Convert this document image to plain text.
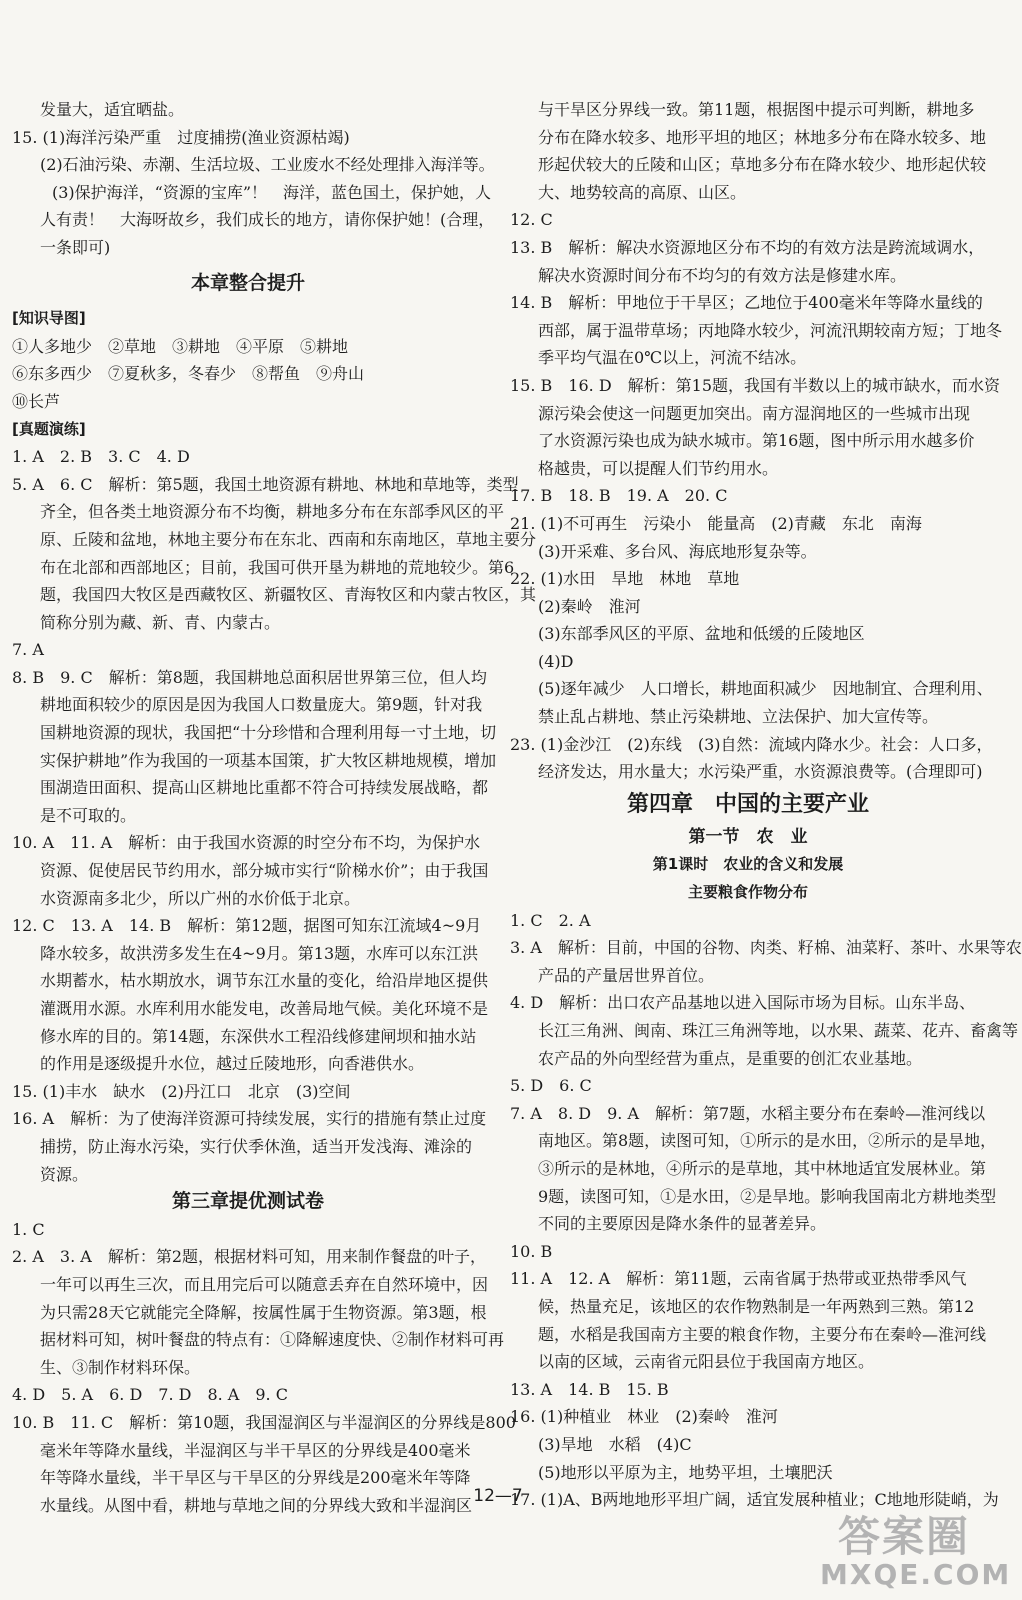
发量大，适宜晒盐。
15. (1)海洋污染严重　过度捕捞(渔业资源枯竭)
(2)石油污染、赤潮、生活垃圾、工业废水不经处理排入海洋等。
(3)保护海洋，“资源的宝库”！　海洋，蓝色国土，保护她，人
人有责！　大海呀故乡，我们成长的地方，请你保护她！(合理，
一条即可)
本章整合提升
[知识导图]
①人多地少　②草地　③耕地　④平原　⑤耕地
⑥东多西少　⑦夏秋多，冬春少　⑧帮鱼　⑨舟山
⑩长芦
[真题演练]
1. A　2. B　3. C　4. D
5. A　6. C　解析：第5题，我国土地资源有耕地、林地和草地等，类型
齐全，但各类土地资源分布不均衡，耕地多分布在东部季风区的平
原、丘陵和盆地，林地主要分布在东北、西南和东南地区，草地主要分
布在北部和西部地区；目前，我国可供开垦为耕地的荒地较少。第6
题，我国四大牧区是西藏牧区、新疆牧区、青海牧区和内蒙古牧区，其
简称分别为藏、新、青、内蒙古。
7. A
8. B　9. C　解析：第8题，我国耕地总面积居世界第三位，但人均
耕地面积较少的原因是因为我国人口数量庞大。第9题，针对我
国耕地资源的现状，我国把“十分珍惜和合理利用每一寸土地，切
实保护耕地”作为我国的一项基本国策，扩大牧区耕地规模，增加
围湖造田面积、提高山区耕地比重都不符合可持续发展战略，都
是不可取的。
10. A　11. A　解析：由于我国水资源的时空分布不均，为保护水
资源、促使居民节约用水，部分城市实行“阶梯水价”；由于我国
水资源南多北少，所以广州的水价低于北京。
12. C　13. A　14. B　解析：第12题，据图可知东江流域4~9月
降水较多，故洪涝多发生在4~9月。第13题，水库可以东江洪
水期蓄水，枯水期放水，调节东江水量的变化，给沿岸地区提供
灌溉用水源。水库利用水能发电，改善局地气候。美化环境不是
修水库的目的。第14题，东深供水工程沿线修建闸坝和抽水站
的作用是逐级提升水位，越过丘陵地形，向香港供水。
15. (1)丰水　缺水　(2)丹江口　北京　(3)空间
16. A　解析：为了使海洋资源可持续发展，实行的措施有禁止过度
捕捞，防止海水污染，实行伏季休渔，适当开发浅海、滩涂的
资源。
第三章提优测试卷
1. C
2. A　3. A　解析：第2题，根据材料可知，用来制作餐盘的叶子，
一年可以再生三次，而且用完后可以随意丢弃在自然环境中，因
为只需28天它就能完全降解，按属性属于生物资源。第3题，根
据材料可知，树叶餐盘的特点有：①降解速度快、②制作材料可再
生、③制作材料环保。
4. D　5. A　6. D　7. D　8. A　9. C
10. B　11. C　解析：第10题，我国湿润区与半湿润区的分界线是800
毫米年等降水量线，半湿润区与半干旱区的分界线是400毫米
年等降水量线，半干旱区与干旱区的分界线是200毫米年等降
水量线。从图中看，耕地与草地之间的分界线大致和半湿润区
与干旱区分界线一致。第11题，根据图中提示可判断，耕地多
分布在降水较多、地形平坦的地区；林地多分布在降水较多、地
形起伏较大的丘陵和山区；草地多分布在降水较少、地形起伏较
大、地势较高的高原、山区。
12. C
13. B　解析：解决水资源地区分布不均的有效方法是跨流域调水，
解决水资源时间分布不均匀的有效方法是修建水库。
14. B　解析：甲地位于干旱区；乙地位于400毫米年等降水量线的
西部，属于温带草场；丙地降水较少，河流汛期较南方短；丁地冬
季平均气温在0℃以上，河流不结冰。
15. B　16. D　解析：第15题，我国有半数以上的城市缺水，而水资
源污染会使这一问题更加突出。南方湿润地区的一些城市出现
了水资源污染也成为缺水城市。第16题，图中所示用水越多价
格越贵，可以提醒人们节约用水。
17. B　18. B　19. A　20. C
21. (1)不可再生　污染小　能量高　(2)青藏　东北　南海
(3)开采难、多台风、海底地形复杂等。
22. (1)水田　旱地　林地　草地
(2)秦岭　淮河
(3)东部季风区的平原、盆地和低缓的丘陵地区
(4)D
(5)逐年减少　人口增长，耕地面积减少　因地制宜、合理利用、
禁止乱占耕地、禁止污染耕地、立法保护、加大宣传等。
23. (1)金沙江　(2)东线　(3)自然：流域内降水少。社会：人口多，
经济发达，用水量大；水污染严重，水资源浪费等。(合理即可)
第四章　中国的主要产业
第一节　农　业
第1课时　农业的含义和发展
主要粮食作物分布
1. C　2. A
3. A　解析：目前，中国的谷物、肉类、籽棉、油菜籽、茶叶、水果等农
产品的产量居世界首位。
4. D　解析：出口农产品基地以进入国际市场为目标。山东半岛、
长江三角洲、闽南、珠江三角洲等地，以水果、蔬菜、花卉、畜禽等
农产品的外向型经营为重点，是重要的创汇农业基地。
5. D　6. C
7. A　8. D　9. A　解析：第7题，水稻主要分布在秦岭—淮河线以
南地区。第8题，读图可知，①所示的是水田，②所示的是旱地，
③所示的是林地，④所示的是草地，其中林地适宜发展林业。第
9题，读图可知，①是水田，②是旱地。影响我国南北方耕地类型
不同的主要原因是降水条件的显著差异。
10. B
11. A　12. A　解析：第11题，云南省属于热带或亚热带季风气
候，热量充足，该地区的农作物熟制是一年两熟到三熟。第12
题，水稻是我国南方主要的粮食作物，主要分布在秦岭—淮河线
以南的区域，云南省元阳县位于我国南方地区。
13. A　14. B　15. B
16. (1)种植业　林业　(2)秦岭　淮河
(3)旱地　水稻　(4)C
(5)地形以平原为主，地势平坦，土壤肥沃
17. (1)A、B两地地形平坦广阔，适宜发展种植业；C地地形陡峭，为
12—7
答案圈
MXQE.COM
